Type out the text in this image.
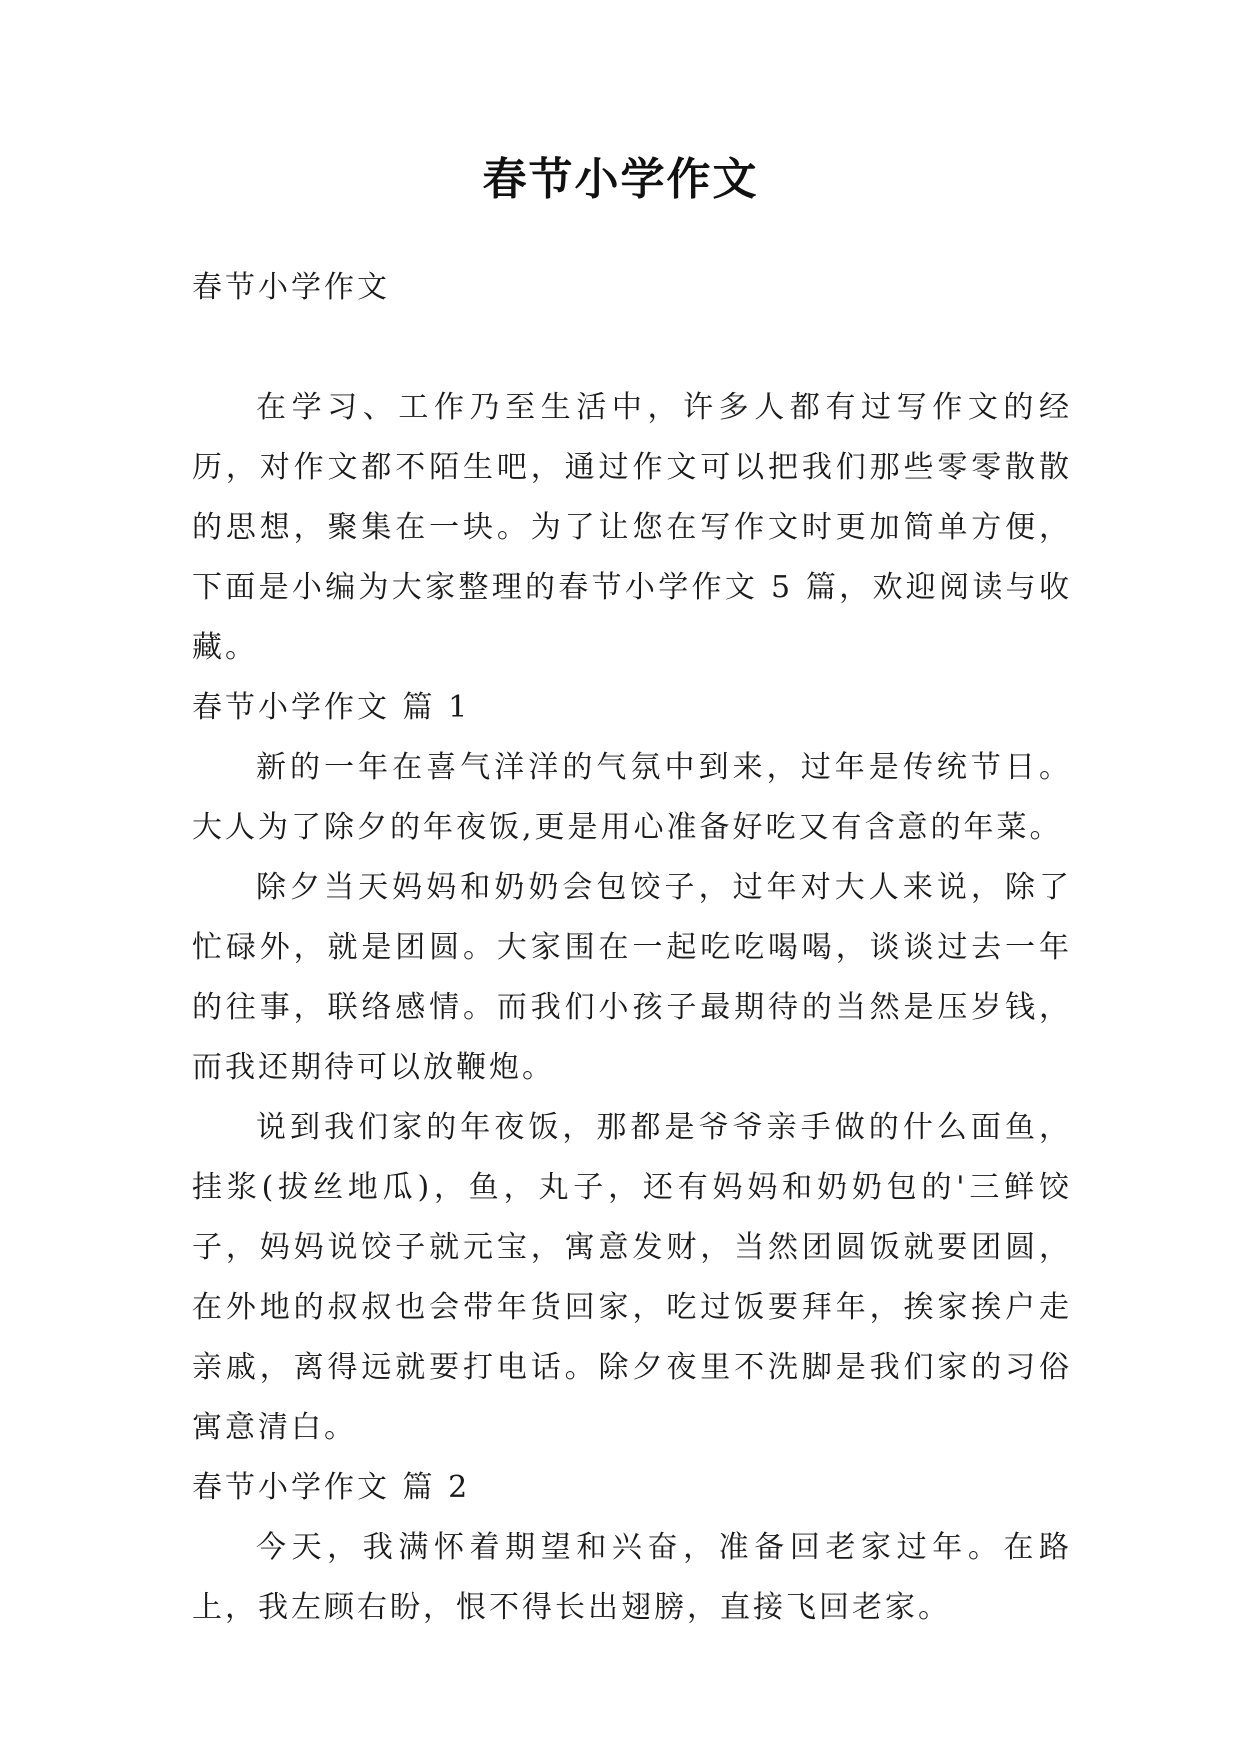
春节小学作文

春节小学作文

在学习、工作乃至生活中，许多人都有过写作文的经历，对作文都不陌生吧，通过作文可以把我们那些零零散散的思想，聚集在一块。为了让您在写作文时更加简单方便，下面是小编为大家整理的春节小学作文 5 篇，欢迎阅读与收藏。

春节小学作文 篇 1

新的一年在喜气洋洋的气氛中到来，过年是传统节日。大人为了除夕的年夜饭,更是用心准备好吃又有含意的年菜。

除夕当天妈妈和奶奶会包饺子，过年对大人来说，除了忙碌外，就是团圆。大家围在一起吃吃喝喝，谈谈过去一年的往事，联络感情。而我们小孩子最期待的当然是压岁钱，而我还期待可以放鞭炮。

说到我们家的年夜饭，那都是爷爷亲手做的什么面鱼，挂浆(拔丝地瓜)，鱼，丸子，还有妈妈和奶奶包的'三鲜饺子，妈妈说饺子就元宝，寓意发财，当然团圆饭就要团圆，在外地的叔叔也会带年货回家，吃过饭要拜年，挨家挨户走亲戚，离得远就要打电话。除夕夜里不洗脚是我们家的习俗寓意清白。

春节小学作文 篇 2

今天，我满怀着期望和兴奋，准备回老家过年。在路上，我左顾右盼，恨不得长出翅膀，直接飞回老家。
